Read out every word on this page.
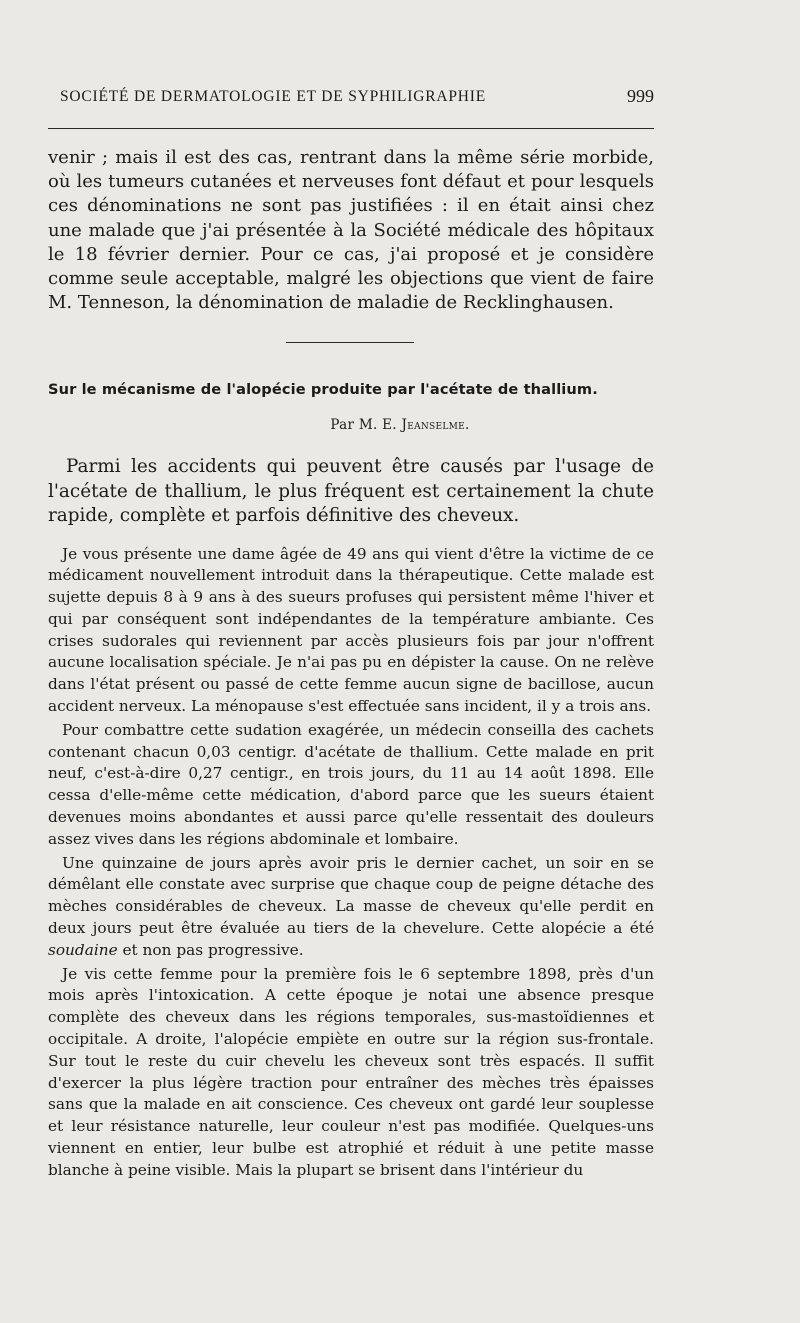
SOCIÉTÉ DE DERMATOLOGIE ET DE SYPHILIGRAPHIE	999

venir ; mais il est des cas, rentrant dans la même série morbide, où les tumeurs cutanées et nerveuses font défaut et pour lesquels ces dénominations ne sont pas justifiées : il en était ainsi chez une malade que j'ai présentée à la Société médicale des hôpitaux le 18 février dernier. Pour ce cas, j'ai proposé et je considère comme seule acceptable, malgré les objections que vient de faire M. Tenneson, la dénomination de maladie de Recklinghausen.

Sur le mécanisme de l'alopécie produite par l'acétate de thallium.
Par M. E. Jeanselme.

Parmi les accidents qui peuvent être causés par l'usage de l'acétate de thallium, le plus fréquent est certainement la chute rapide, complète et parfois définitive des cheveux.

Je vous présente une dame âgée de 49 ans qui vient d'être la victime de ce médicament nouvellement introduit dans la thérapeutique. Cette malade est sujette depuis 8 à 9 ans à des sueurs profuses qui persistent même l'hiver et qui par conséquent sont indépendantes de la température ambiante. Ces crises sudorales qui reviennent par accès plusieurs fois par jour n'offrent aucune localisation spéciale. Je n'ai pas pu en dépister la cause. On ne relève dans l'état présent ou passé de cette femme aucun signe de bacillose, aucun accident nerveux. La ménopause s'est effectuée sans incident, il y a trois ans.

Pour combattre cette sudation exagérée, un médecin conseilla des cachets contenant chacun 0,03 centigr. d'acétate de thallium. Cette malade en prit neuf, c'est-à-dire 0,27 centigr., en trois jours, du 11 au 14 août 1898. Elle cessa d'elle-même cette médication, d'abord parce que les sueurs étaient devenues moins abondantes et aussi parce qu'elle ressentait des douleurs assez vives dans les régions abdominale et lombaire.

Une quinzaine de jours après avoir pris le dernier cachet, un soir en se démêlant elle constate avec surprise que chaque coup de peigne détache des mèches considérables de cheveux. La masse de cheveux qu'elle perdit en deux jours peut être évaluée au tiers de la chevelure. Cette alopécie a été soudaine et non pas progressive.

Je vis cette femme pour la première fois le 6 septembre 1898, près d'un mois après l'intoxication. A cette époque je notai une absence presque complète des cheveux dans les régions temporales, sus-mastoïdiennes et occipitale. A droite, l'alopécie empiète en outre sur la région sus-frontale. Sur tout le reste du cuir chevelu les cheveux sont très espacés. Il suffit d'exercer la plus légère traction pour entraîner des mèches très épaisses sans que la malade en ait conscience. Ces cheveux ont gardé leur souplesse et leur résistance naturelle, leur couleur n'est pas modifiée. Quelques-uns viennent en entier, leur bulbe est atrophié et réduit à une petite masse blanche à peine visible. Mais la plupart se brisent dans l'intérieur du
